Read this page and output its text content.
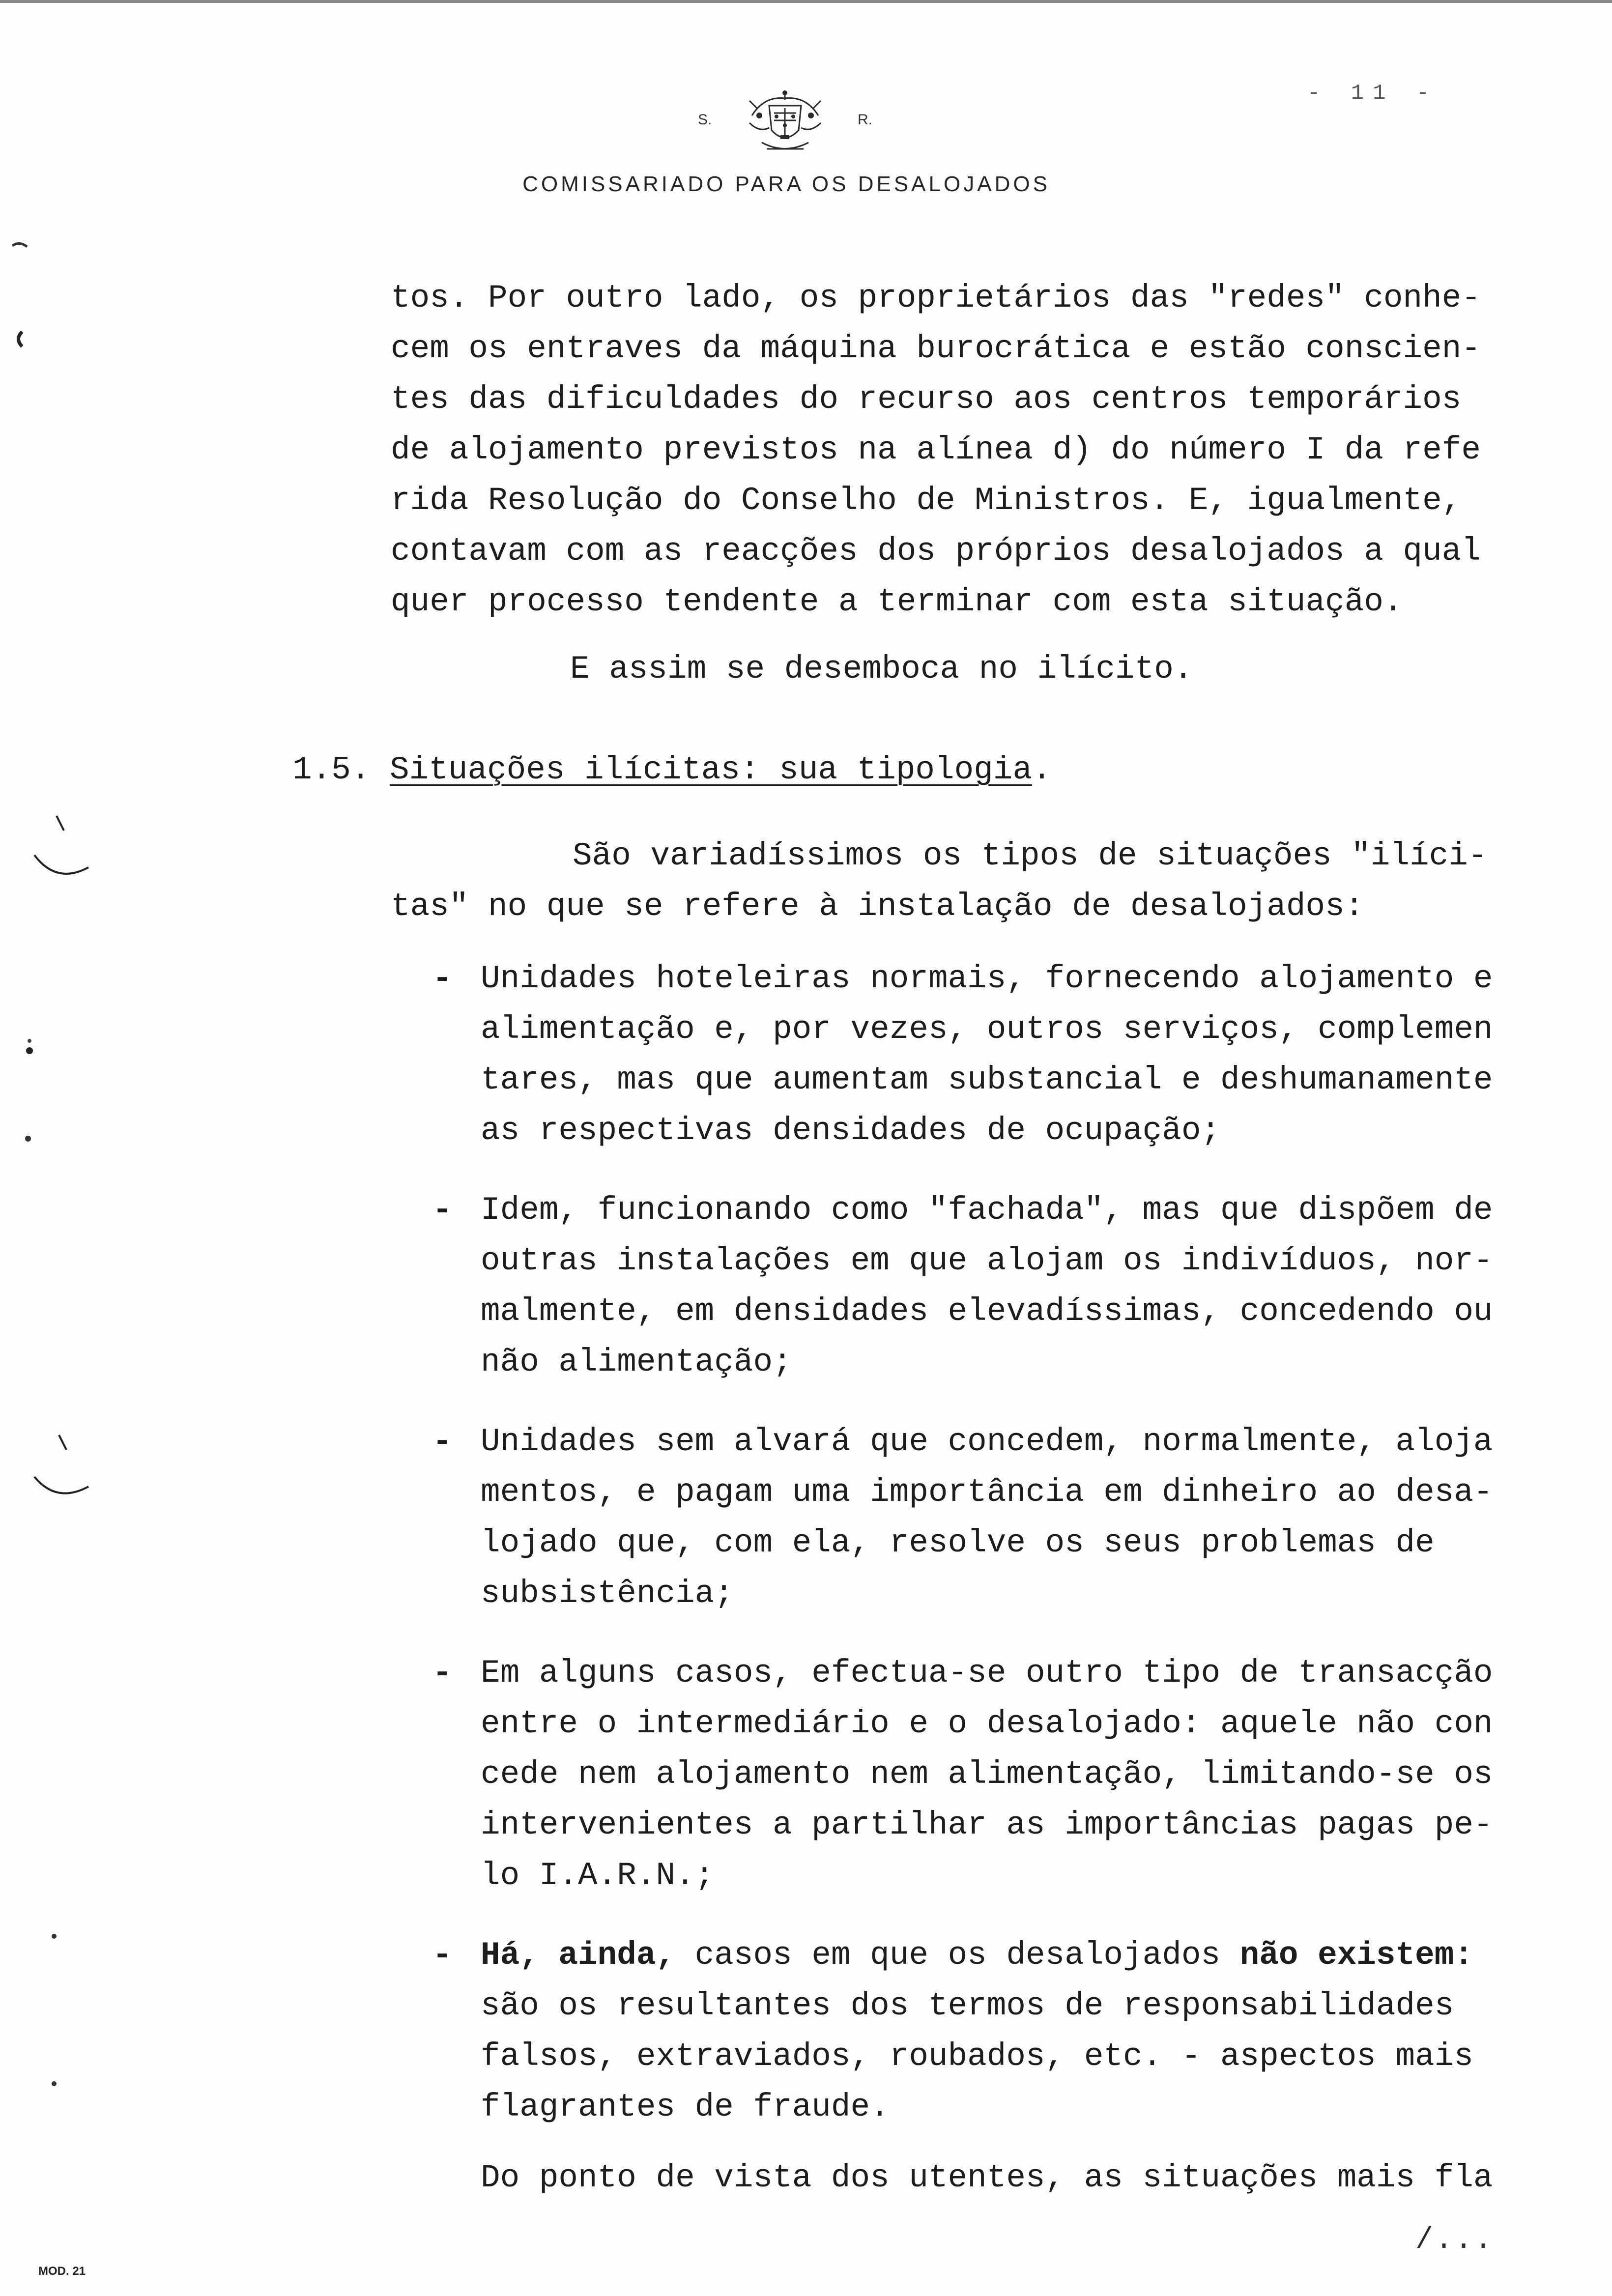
S.	R.
- 11 -
COMISSARIADO PARA OS DESALOJADOS
tos. Por outro lado, os proprietários das "redes" conhe-
cem os entraves da máquina burocrática e estão conscien-
tes das dificuldades do recurso aos centros temporários
de alojamento previstos na alínea d) do número I da refe
rida Resolução do Conselho de Ministros. E, igualmente,
contavam com as reacções dos próprios desalojados a qual
quer processo tendente a terminar com esta situação.
E assim se desemboca no ilícito.
1.5. Situações ilícitas: sua tipologia.
São variadíssimos os tipos de situações "ilíci-
tas" no que se refere à instalação de desalojados:
- Unidades hoteleiras normais, fornecendo alojamento e
alimentação e, por vezes, outros serviços, complemen
tares, mas que aumentam substancial e deshumanamente
as respectivas densidades de ocupação;
- Idem, funcionando como "fachada", mas que dispõem de
outras instalações em que alojam os indivíduos, nor-
malmente, em densidades elevadíssimas, concedendo ou
não alimentação;
- Unidades sem alvará que concedem, normalmente, aloja
mentos, e pagam uma importância em dinheiro ao desa-
lojado que, com ela, resolve os seus problemas de
subsistência;
- Em alguns casos, efectua-se outro tipo de transacção
entre o intermediário e o desalojado: aquele não con
cede nem alojamento nem alimentação, limitando-se os
intervenientes a partilhar as importâncias pagas pe-
lo I.A.R.N.;
- Há, ainda, casos em que os desalojados não existem:
são os resultantes dos termos de responsabilidades
falsos, extraviados, roubados, etc. - aspectos mais
flagrantes de fraude.
Do ponto de vista dos utentes, as situações mais fla
/...
MOD. 21
